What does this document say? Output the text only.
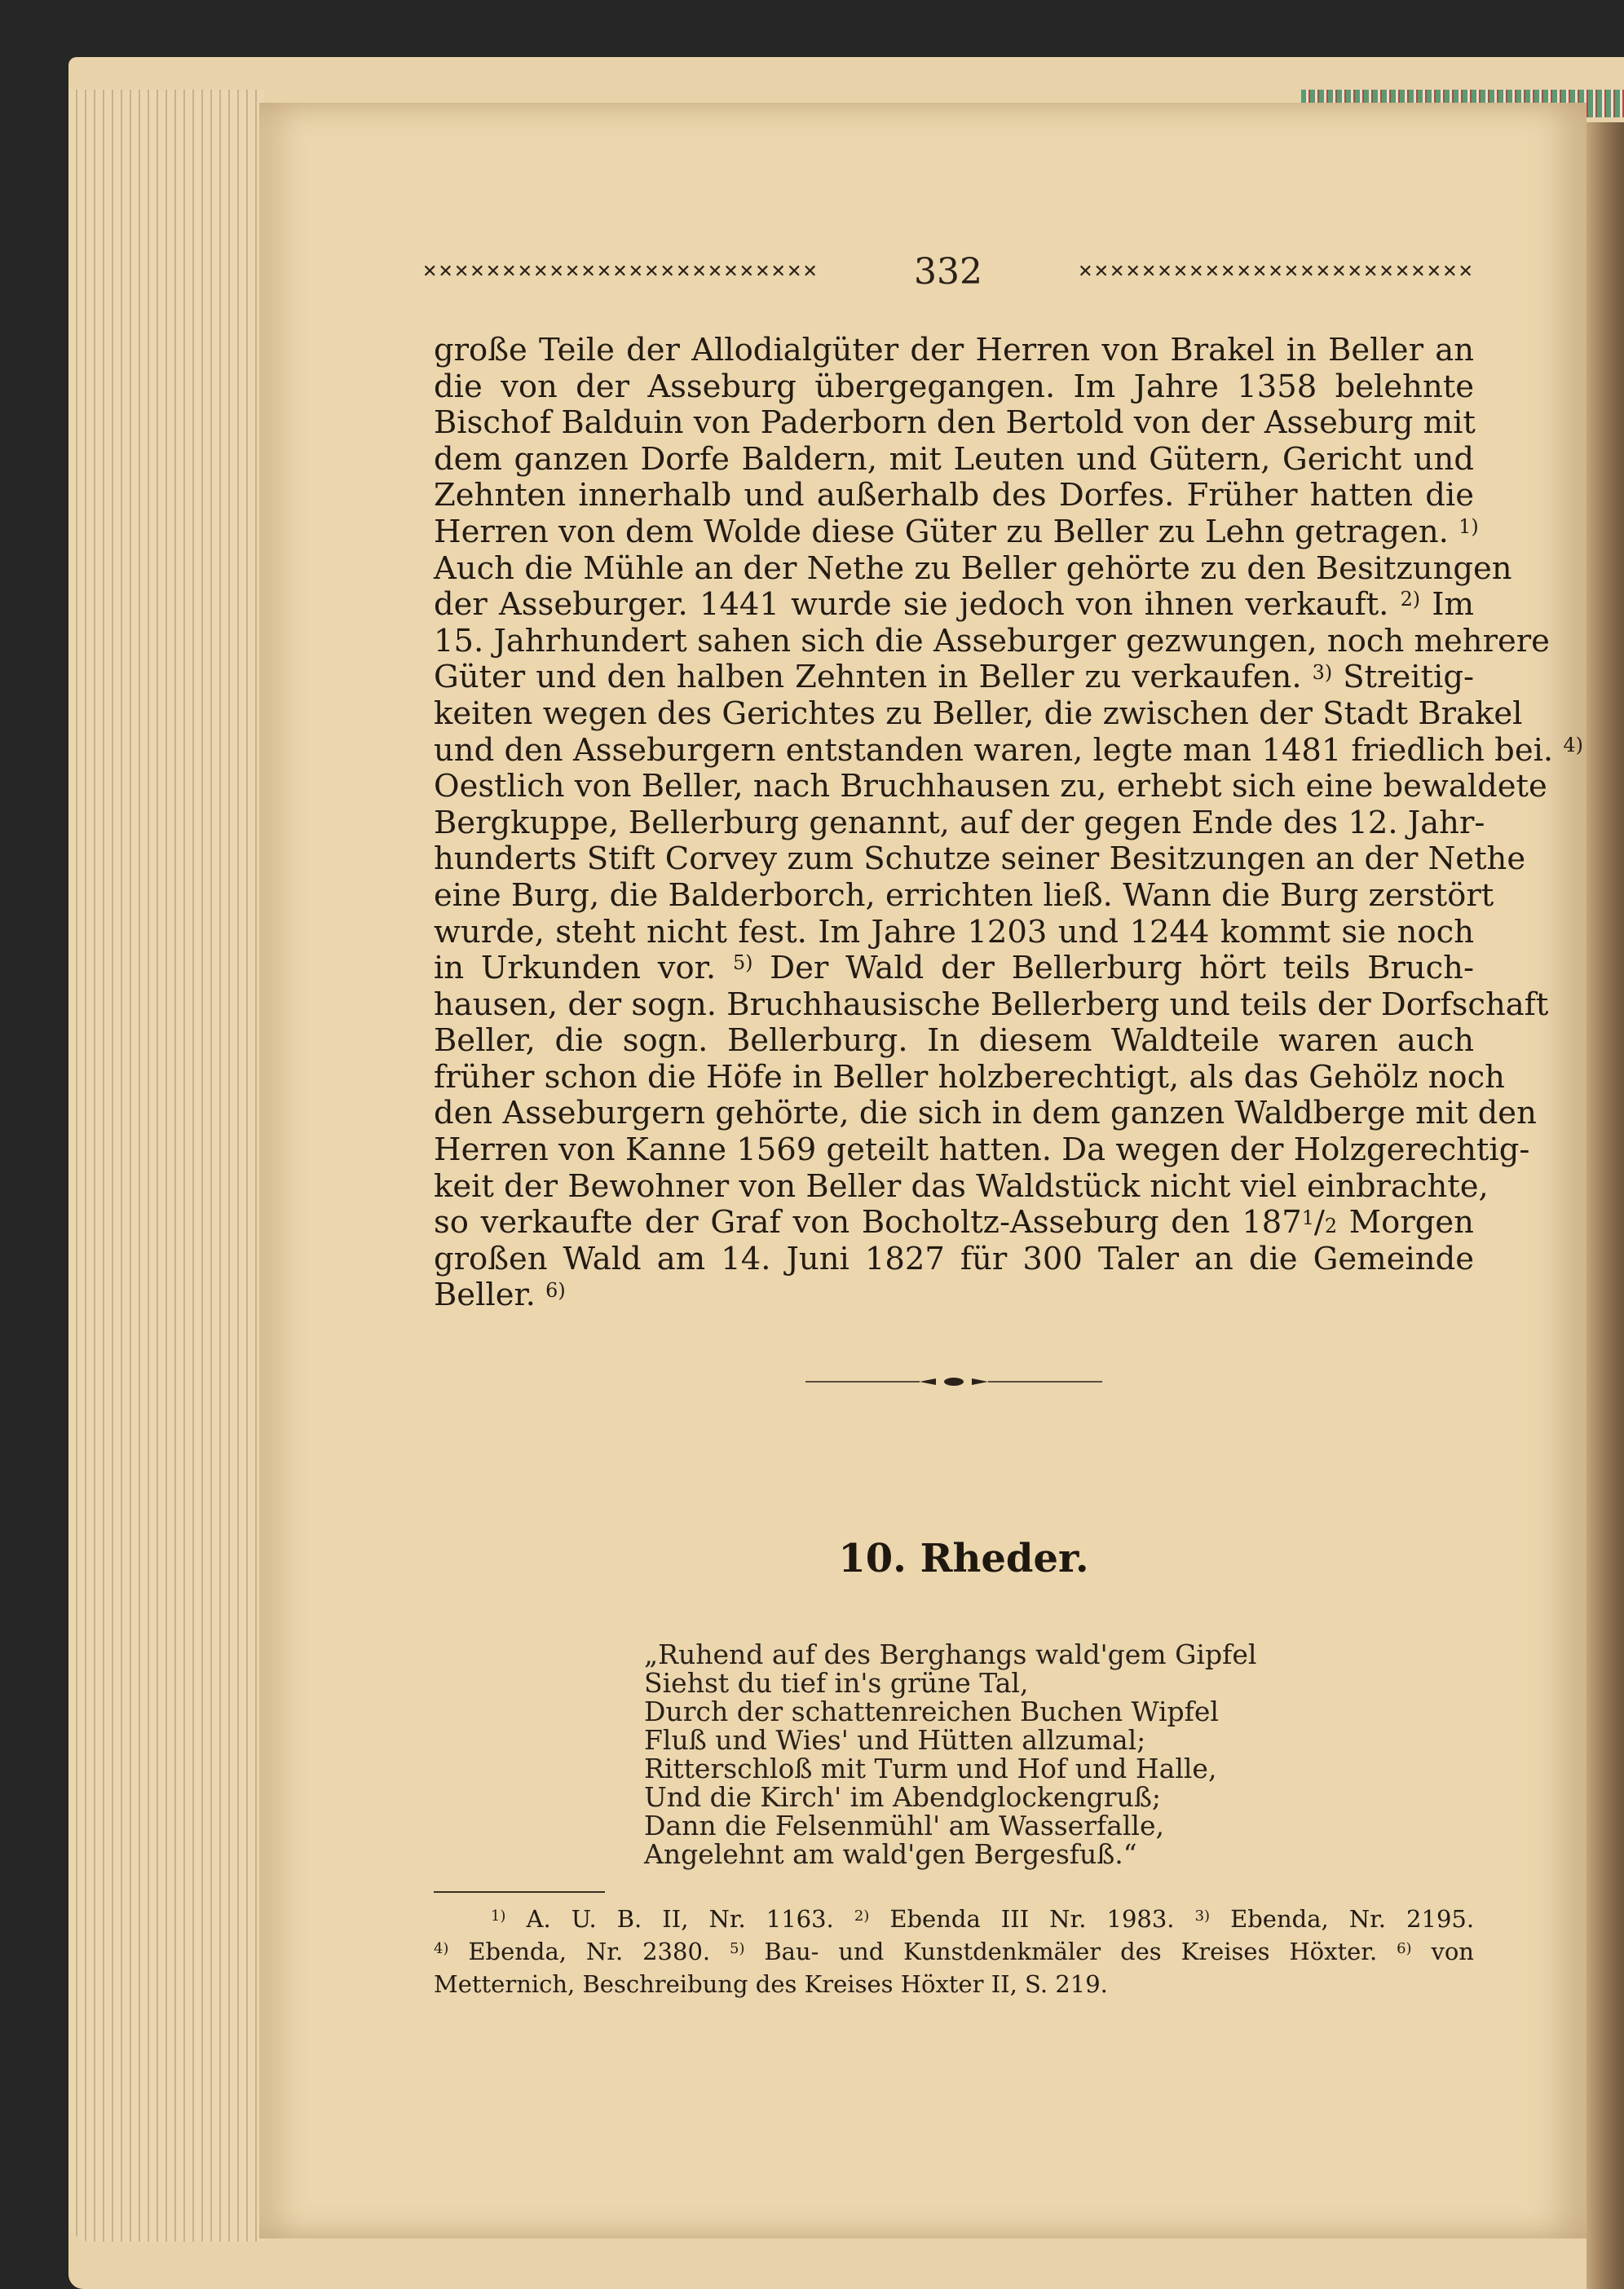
✕✕✕✕✕✕✕✕✕✕✕✕✕✕✕✕✕✕✕✕✕✕✕✕✕	332	✕✕✕✕✕✕✕✕✕✕✕✕✕✕✕✕✕✕✕✕✕✕✕✕✕
große Teile der Allodialgüter der Herren von Brakel in Beller an
die von der Asseburg übergegangen. Im Jahre 1358 belehnte
Bischof Balduin von Paderborn den Bertold von der Asseburg mit
dem ganzen Dorfe Baldern, mit Leuten und Gütern, Gericht und
Zehnten innerhalb und außerhalb des Dorfes. Früher hatten die
Herren von dem Wolde diese Güter zu Beller zu Lehn getragen. $^{1)}$
Auch die Mühle an der Nethe zu Beller gehörte zu den Besitzungen
der Asseburger. 1441 wurde sie jedoch von ihnen verkauft. $^{2)}$ Im
15. Jahrhundert sahen sich die Asseburger gezwungen, noch mehrere
Güter und den halben Zehnten in Beller zu verkaufen. $^{3)}$ Streitig-
keiten wegen des Gerichtes zu Beller, die zwischen der Stadt Brakel
und den Asseburgern entstanden waren, legte man 1481 friedlich bei. $^{4)}$
Oestlich von Beller, nach Bruchhausen zu, erhebt sich eine bewaldete
Bergkuppe, Bellerburg genannt, auf der gegen Ende des 12. Jahr-
hunderts Stift Corvey zum Schutze seiner Besitzungen an der Nethe
eine Burg, die Balderborch, errichten ließ. Wann die Burg zerstört
wurde, steht nicht fest. Im Jahre 1203 und 1244 kommt sie noch
in Urkunden vor. $^{5)}$ Der Wald der Bellerburg hört teils Bruch-
hausen, der sogn. Bruchhausische Bellerberg und teils der Dorfschaft
Beller, die sogn. Bellerburg. In diesem Waldteile waren auch
früher schon die Höfe in Beller holzberechtigt, als das Gehölz noch
den Asseburgern gehörte, die sich in dem ganzen Waldberge mit den
Herren von Kanne 1569 geteilt hatten. Da wegen der Holzgerechtig-
keit der Bewohner von Beller das Waldstück nicht viel einbrachte,
so verkaufte der Graf von Bocholtz-Asseburg den $187^1/2$ Morgen
großen Wald am 14. Juni 1827 für 300 Taler an die Gemeinde
Beller. $^{6)}$
10. Rheder.
„Ruhend auf des Berghangs wald'gem Gipfel
Siehst du tief in's grüne Tal,
Durch der schattenreichen Buchen Wipfel
Fluß und Wies' und Hütten allzumal;
Ritterschloß mit Turm und Hof und Halle,
Und die Kirch' im Abendglockengruß;
Dann die Felsenmühl' am Wasserfalle,
Angelehnt am wald'gen Bergesfuß.“
$^{1)}$ A. U. B. II, Nr. 1163. $^{2)}$ Ebenda III Nr. 1983. $^{3)}$ Ebenda, Nr. 2195.
$^{4)}$ Ebenda, Nr. 2380. $^{5)}$ Bau- und Kunstdenkmäler des Kreises Höxter. $^{6)}$ von
Metternich, Beschreibung des Kreises Höxter II, S. 219.
